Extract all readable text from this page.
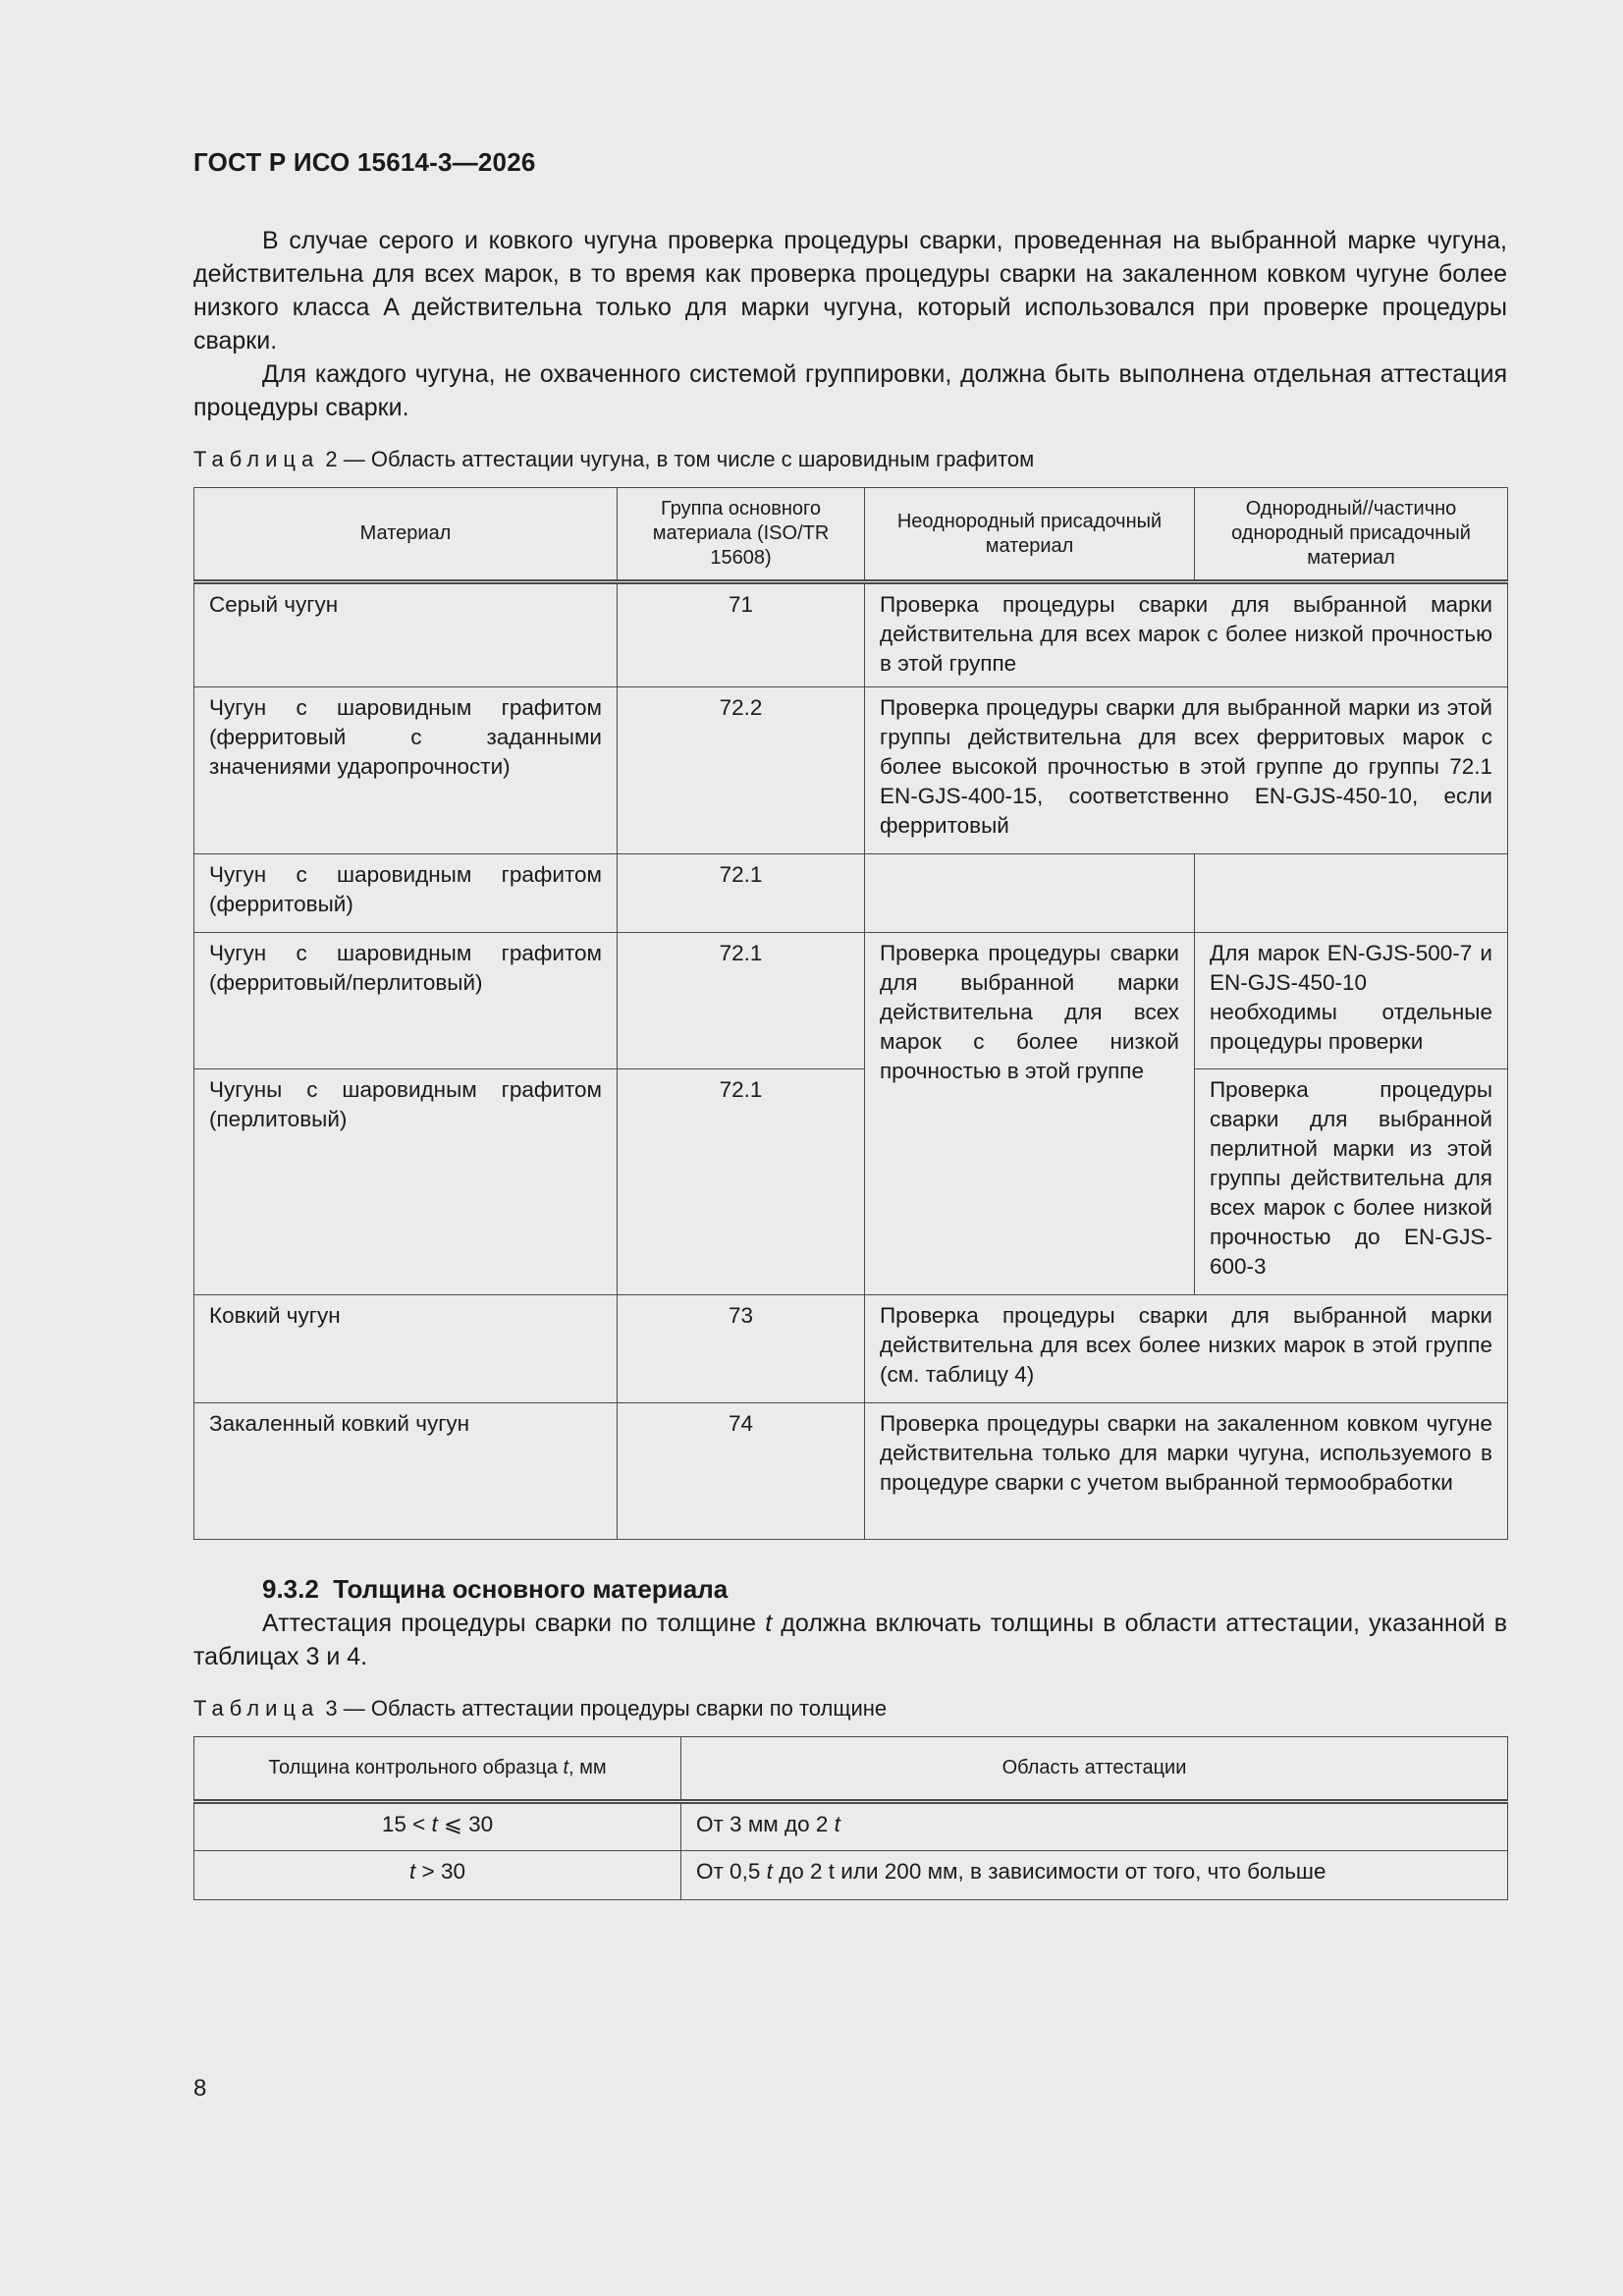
ГОСТ Р ИСО 15614-3—2026
В случае серого и ковкого чугуна проверка процедуры сварки, проведенная на выбранной марке чугуна, действительна для всех марок, в то время как проверка процедуры сварки на закаленном ковком чугуне более низкого класса A действительна только для марки чугуна, который использовался при проверке процедуры сварки.
Для каждого чугуна, не охваченного системой группировки, должна быть выполнена отдельная аттестация процедуры сварки.
Таблица 2 — Область аттестации чугуна, в том числе с шаровидным графитом
Материал	Группа основного материала (ISO/TR 15608)	Неоднородный присадочный материал	Однородный//частично однородный присадочный материал
Серый чугун	71	Проверка процедуры сварки для выбранной марки действительна для всех марок с более низкой прочностью в этой группе	
Чугун с шаровидным графитом (ферритовый с заданными значениями ударопрочности)	72.2	Проверка процедуры сварки для выбранной марки из этой группы действительна для всех ферритовых марок с более высокой прочностью в этой группе до группы 72.1 EN-GJS-400-15, соответственно EN-GJS-450-10, если ферритовый	
Чугун с шаровидным графитом (ферритовый)	72.1		
Чугун с шаровидным графитом (ферритовый/перлитовый)	72.1	Проверка процедуры сварки для выбранной марки действительна для всех марок с более низкой прочностью в этой группе	Для марок EN-GJS-500-7 и EN-GJS-450-10 необходимы отдельные процедуры проверки
Чугуны с шаровидным графитом (перлитовый)	72.1		Проверка процедуры сварки для выбранной перлитной марки из этой группы действительна для всех марок с более низкой прочностью до EN-GJS-600-3
Ковкий чугун	73	Проверка процедуры сварки для выбранной марки действительна для всех более низких марок в этой группе (см. таблицу 4)	
Закаленный ковкий чугун	74	Проверка процедуры сварки на закаленном ковком чугуне действительна только для марки чугуна, используемого в процедуре сварки с учетом выбранной термообработки	
9.3.2 Толщина основного материала
Аттестация процедуры сварки по толщине t должна включать толщины в области аттестации, указанной в таблицах 3 и 4.
Таблица 3 — Область аттестации процедуры сварки по толщине
Толщина контрольного образца t, мм	Область аттестации
15 < t ⩽ 30	От 3 мм до 2 t
t > 30	От 0,5 t до 2 t или 200 мм, в зависимости от того, что больше
8
